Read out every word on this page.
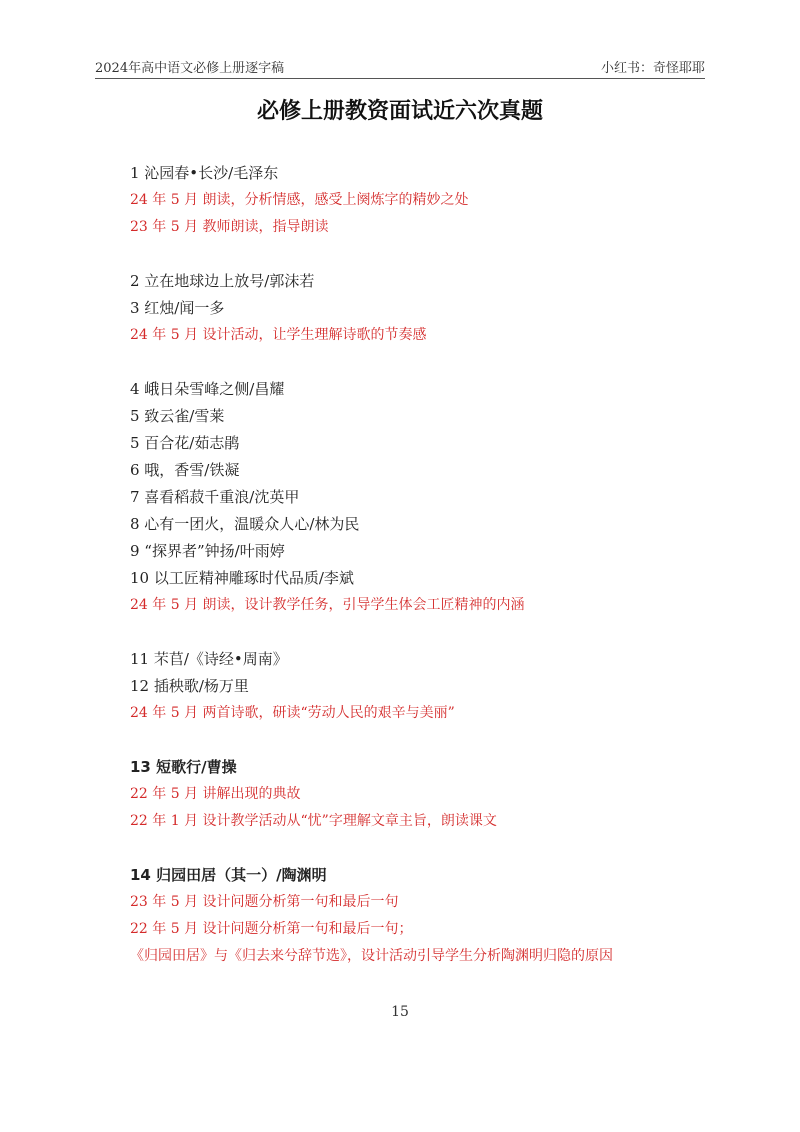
2024年高中语文必修上册逐字稿	小红书：奇怪耶耶
必修上册教资面试近六次真题
1 沁园春•长沙/毛泽东
24 年 5 月 朗读，分析情感，感受上阕炼字的精妙之处
23 年 5 月 教师朗读，指导朗读
2 立在地球边上放号/郭沫若
3 红烛/闻一多
24 年 5 月 设计活动，让学生理解诗歌的节奏感
4 峨日朵雪峰之侧/昌耀
5 致云雀/雪莱
5 百合花/茹志鹃
6 哦，香雪/铁凝
7 喜看稻菽千重浪/沈英甲
8 心有一团火，温暖众人心/林为民
9 “探界者”钟扬/叶雨婷
10 以工匠精神雕琢时代品质/李斌
24 年 5 月 朗读，设计教学任务，引导学生体会工匠精神的内涵
11 芣苢/《诗经•周南》
12 插秧歌/杨万里
24 年 5 月 两首诗歌，研读“劳动人民的艰辛与美丽”
13 短歌行/曹操
22 年 5 月 讲解出现的典故
22 年 1 月 设计教学活动从“忧”字理解文章主旨，朗读课文
14 归园田居（其一）/陶渊明
23 年 5 月 设计问题分析第一句和最后一句
22 年 5 月 设计问题分析第一句和最后一句；
《归园田居》与《归去来兮辞节选》，设计活动引导学生分析陶渊明归隐的原因
15
